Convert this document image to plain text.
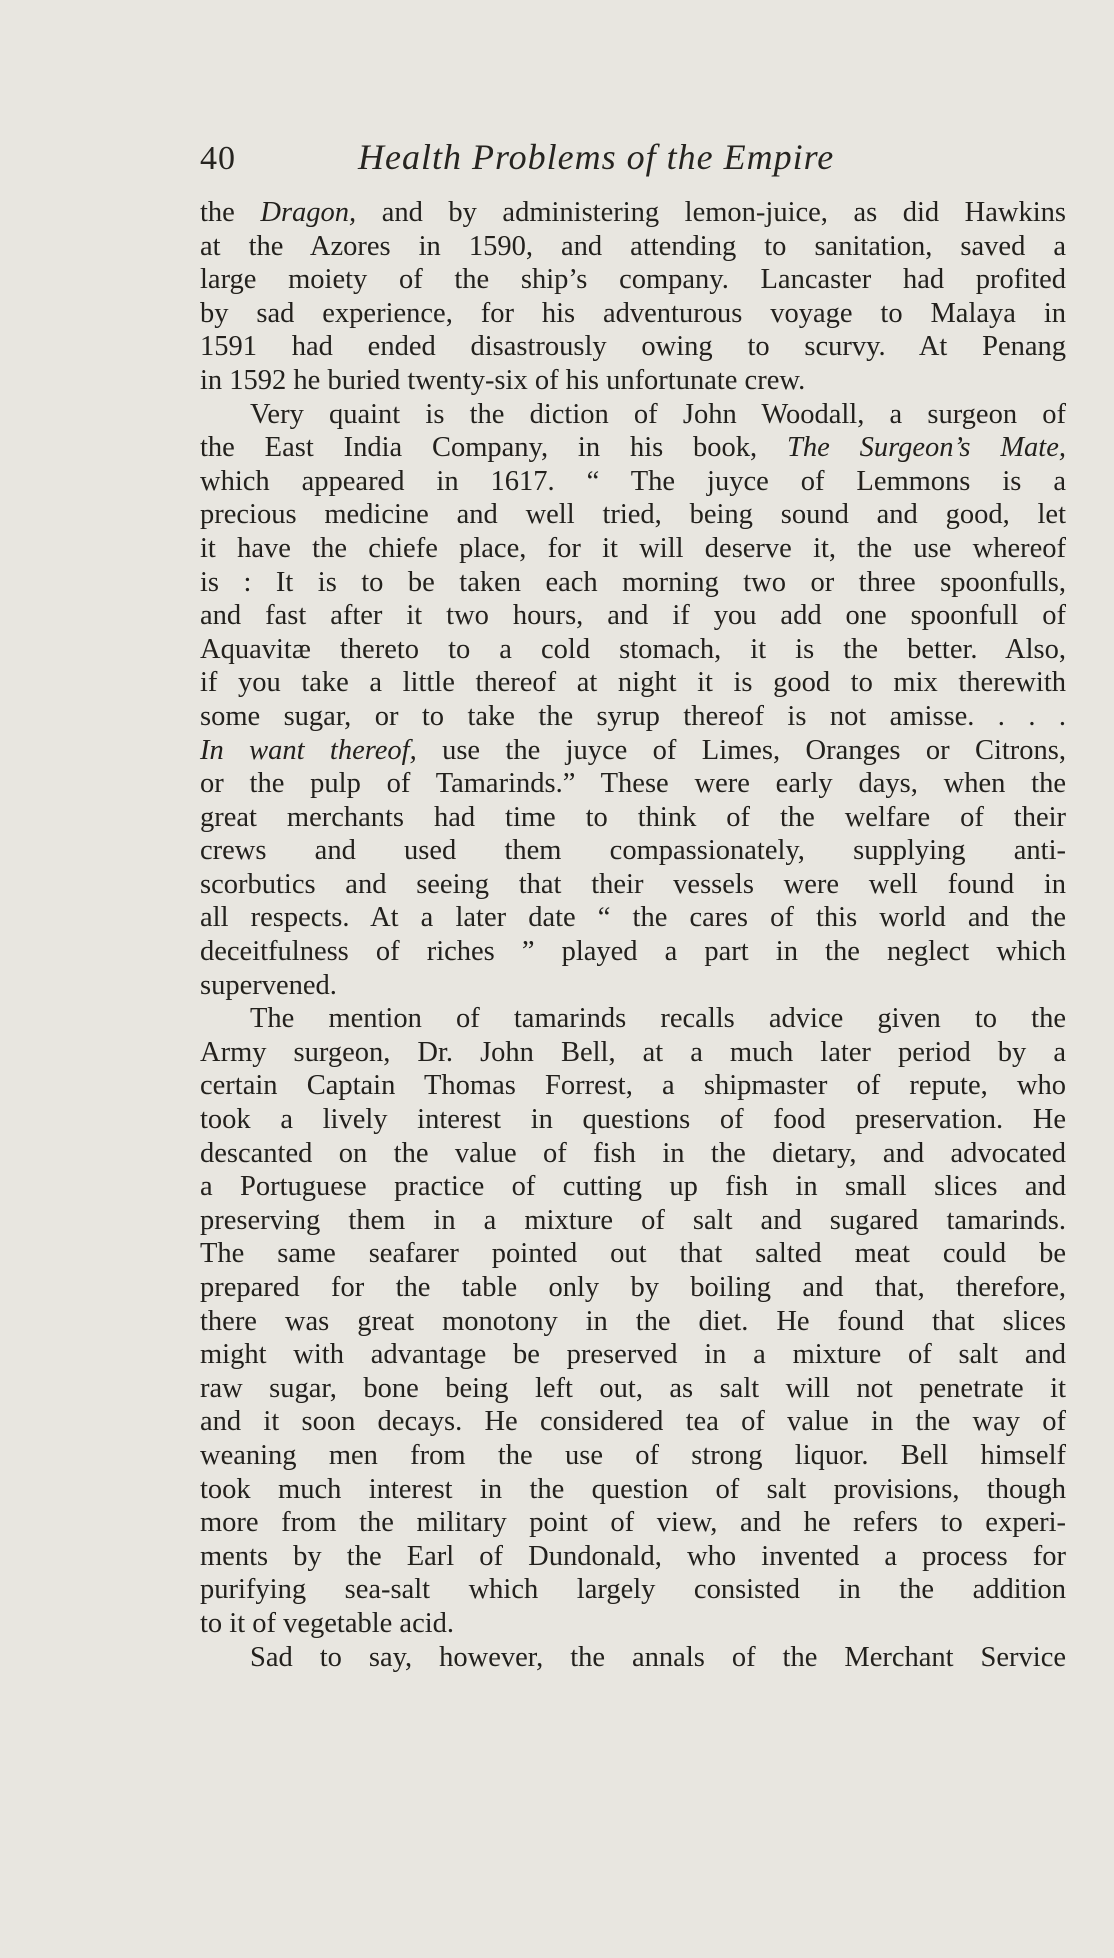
40	Health Problems of the Empire
the Dragon, and by administering lemon-juice, as did Hawkins
at the Azores in 1590, and attending to sanitation, saved a
large moiety of the ship’s company. Lancaster had profited
by sad experience, for his adventurous voyage to Malaya in
1591 had ended disastrously owing to scurvy. At Penang
in 1592 he buried twenty-six of his unfortunate crew.
Very quaint is the diction of John Woodall, a surgeon of
the East India Company, in his book, The Surgeon’s Mate,
which appeared in 1617. “ The juyce of Lemmons is a
precious medicine and well tried, being sound and good, let
it have the chiefe place, for it will deserve it, the use whereof
is : It is to be taken each morning two or three spoonfulls,
and fast after it two hours, and if you add one spoonfull of
Aquavitæ thereto to a cold stomach, it is the better. Also,
if you take a little thereof at night it is good to mix therewith
some sugar, or to take the syrup thereof is not amisse. . . .
In want thereof, use the juyce of Limes, Oranges or Citrons,
or the pulp of Tamarinds.” These were early days, when the
great merchants had time to think of the welfare of their
crews and used them compassionately, supplying anti-
scorbutics and seeing that their vessels were well found in
all respects. At a later date “ the cares of this world and the
deceitfulness of riches ” played a part in the neglect which
supervened.
The mention of tamarinds recalls advice given to the
Army surgeon, Dr. John Bell, at a much later period by a
certain Captain Thomas Forrest, a shipmaster of repute, who
took a lively interest in questions of food preservation. He
descanted on the value of fish in the dietary, and advocated
a Portuguese practice of cutting up fish in small slices and
preserving them in a mixture of salt and sugared tamarinds.
The same seafarer pointed out that salted meat could be
prepared for the table only by boiling and that, therefore,
there was great monotony in the diet. He found that slices
might with advantage be preserved in a mixture of salt and
raw sugar, bone being left out, as salt will not penetrate it
and it soon decays. He considered tea of value in the way of
weaning men from the use of strong liquor. Bell himself
took much interest in the question of salt provisions, though
more from the military point of view, and he refers to experi-
ments by the Earl of Dundonald, who invented a process for
purifying sea-salt which largely consisted in the addition
to it of vegetable acid.
Sad to say, however, the annals of the Merchant Service
